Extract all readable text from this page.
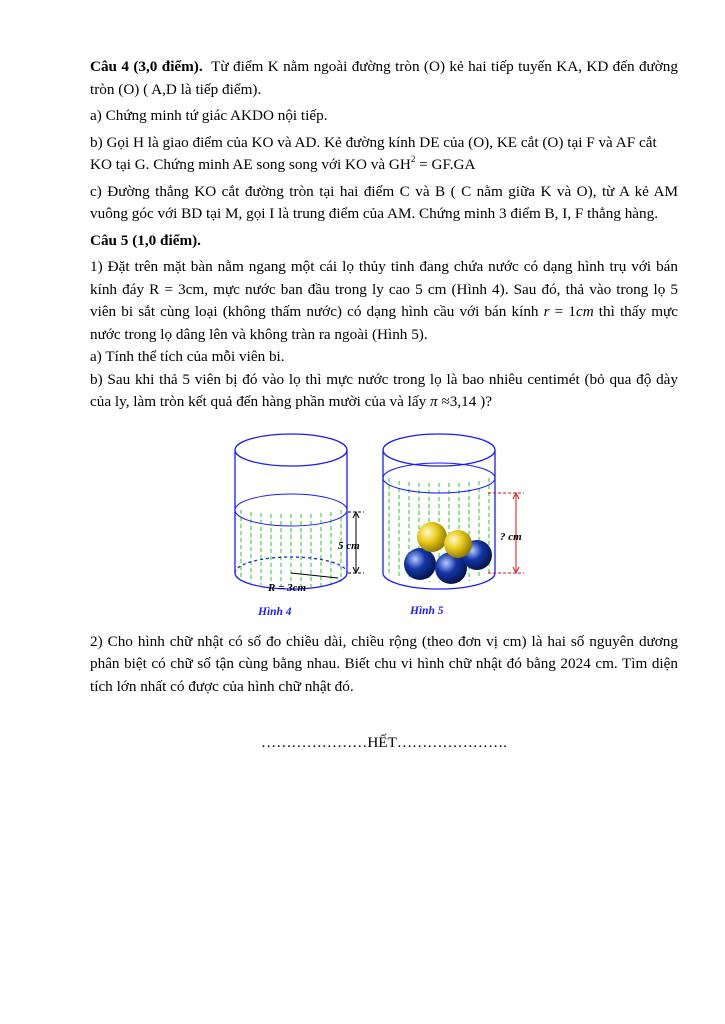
Câu 4 (3,0 điểm). Từ điểm K nằm ngoài đường tròn (O) kẻ hai tiếp tuyến KA, KD đến đường tròn (O) ( A,D là tiếp điểm).

a) Chứng minh tứ giác AKDO nội tiếp.

b) Gọi H là giao điểm của KO và AD. Kẻ đường kính DE của (O), KE cắt (O) tại F và AF cắt KO tại G. Chứng minh AE song song với KO và $GH^2 = GF.GA$

c) Đường thẳng KO cắt đường tròn tại hai điểm C và B ( C nằm giữa K và O), từ A kẻ AM vuông góc với BD tại M, gọi I là trung điểm của AM. Chứng minh 3 điểm B, I, F thẳng hàng.

Câu 5 (1,0 điểm).

1) Đặt trên mặt bàn nằm ngang một cái lọ thủy tinh đang chứa nước có dạng hình trụ với bán kính đáy R = 3cm, mực nước ban đầu trong ly cao 5 cm (Hình 4). Sau đó, thả vào trong lọ 5 viên bi sắt cùng loại (không thấm nước) có dạng hình cầu với bán kính r = 1cm thì thấy mực nước trong lọ dâng lên và không tràn ra ngoài (Hình 5).

a) Tính thể tích của mỗi viên bi.

b) Sau khi thả 5 viên bị đó vào lọ thì mực nước trong lọ là bao nhiêu centimét (bỏ qua độ dày của ly, làm tròn kết quả đến hàng phần mười của và lấy π ≈3,14 )?

5 cm
R = 3cm
? cm
Hình 4	Hình 5

2) Cho hình chữ nhật có số đo chiều dài, chiều rộng (theo đơn vị cm) là hai số nguyên dương phân biệt có chữ số tận cùng bằng nhau. Biết chu vi hình chữ nhật đó bằng 2024 cm. Tìm diện tích lớn nhất có được của hình chữ nhật đó.

…………………HẾT………………….
